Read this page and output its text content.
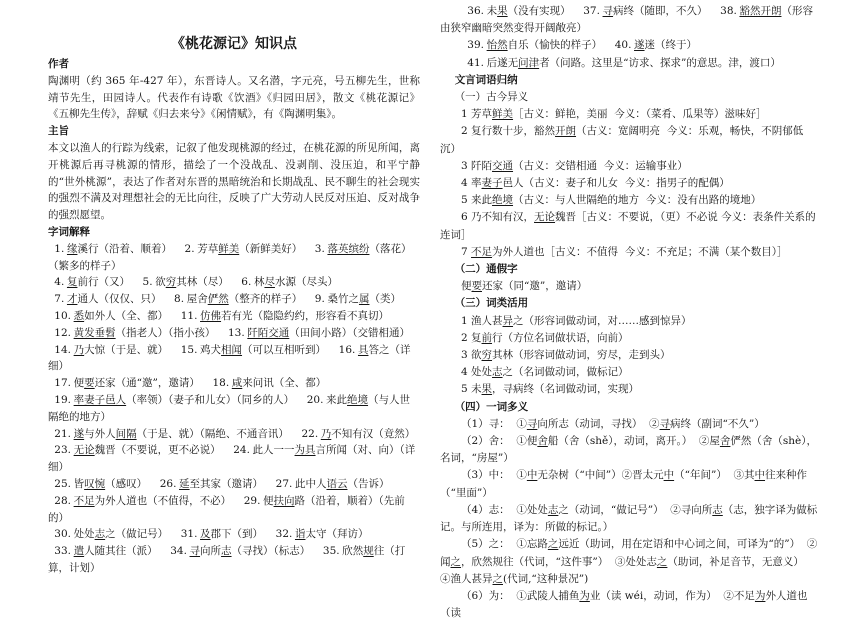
《桃花源记》知识点
作者

陶渊明（约 365 年-427 年），东晋诗人。又名潜，字元亮，号五柳先生，世称靖节先生，田园诗人。代表作有诗歌《饮酒》《归园田居》，散文《桃花源记》《五柳先生传》，辞赋《归去来兮》《闲情赋》，有《陶渊明集》。

主旨

本文以渔人的行踪为线索，记叙了他发现桃源的经过，在桃花源的所见所闻，离开桃源后再寻桃源的情形，描绘了一个没战乱、没剥削、没压迫，和平宁静的“世外桃源”，表达了作者对东晋的黑暗统治和长期战乱、民不聊生的社会现实的强烈不满及对理想社会的无比向往，反映了广大劳动人民反对压迫、反对战争的强烈愿望。

字词解释
1. 缘溪行（沿着、顺着） 2. 芳草鲜美（新鲜美好） 3. 落英缤纷（落花）（繁多的样子）
4. 复前行（又） 5. 欲穷其林（尽） 6. 林尽水源（尽头）
7. 才通人（仅仅、只） 8. 屋舍俨然（整齐的样子） 9. 桑竹之属（类）
10. 悉如外人（全、都） 11. 仿佛若有光（隐隐约约，形容看不真切）
12. 黄发垂髫（指老人）（指小孩） 13. 阡陌交通（田间小路）（交错相通）
14. 乃大惊（于是、就） 15. 鸡犬相闻（可以互相听到） 16. 具答之（详细）
17. 便要还家（通“邀”，邀请） 18. 咸来问讯（全、都）
19. 率妻子邑人（率领）（妻子和儿女）（同乡的人） 20. 来此绝境（与人世隔绝的地方）
21. 遂与外人间隔（于是、就）（隔绝、不通音讯） 22. 乃不知有汉（竟然）
23. 无论魏晋（不要说，更不必说） 24. 此人一一为具言所闻（对、向）（详细）
25. 皆叹惋（感叹） 26. 延至其家（邀请） 27. 此中人语云（告诉）
28. 不足为外人道也（不值得，不必） 29. 便扶向路（沿着，顺着）（先前的）
30. 处处志之（做记号） 31. 及郡下（到） 32. 诣太守（拜访）
33. 遣人随其往（派） 34. 寻向所志（寻找）（标志） 35. 欣然规往（打算，计划）
36. 未果（没有实现） 37. 寻病终（随即，不久） 38. 豁然开朗（形容由狭窄幽暗突然变得开阔敞亮）
39. 怡然自乐（愉快的样子） 40. 遂迷（终于）
41. 后遂无问津者（问路。这里是“访求、探求”的意思。津，渡口）
文言词语归纳
（一）古今异义
1 芳草鲜美［古义：鲜艳，美丽  今义：（菜肴、瓜果等）滋味好］
2 复行数十步，豁然开朗（古义：宽阔明亮  今义：乐观，畅快，不阴郁低沉）
3 阡陌交通（古义：交错相通  今义：运输事业）
4 率妻子邑人（古义：妻子和儿女  今义：指男子的配偶）
5 来此绝境（古义：与人世隔绝的地方  今义：没有出路的境地）
6 乃不知有汉，无论魏晋［古义：不要说，（更）不必说 今义：表条件关系的连词］
7 不足为外人道也［古义：不值得  今义：不充足；不满（某个数目）］
（二）通假字
便要还家（同“邀”，邀请）
（三）词类活用
1 渔人甚异之（形容词做动词，对……感到惊异）
2 复前行（方位名词做状语，向前）
3 欲穷其林（形容词做动词，穷尽，走到头）
4 处处志之（名词做动词，做标记）
5 未果，寻病终（名词做动词，实现）
（四）一词多义
（1）寻：  ①寻向所志（动词，寻找）  ②寻病终（副词“不久”）
（2）舍：  ①便舍船（舍（shě），动词，离开。）  ②屋舍俨然（舍（shè），名词，“房屋”）
（3）中：  ①中无杂树（“中间”）②晋太元中（“年间”）  ③其中往来种作（“里面”）
（4）志：  ①处处志之（动词，“做记号”）  ②寻向所志（志，独字译为做标记。与所连用，译为：所做的标记。）
（5）之：  ①忘路之远近（助词，用在定语和中心词之间，可译为“的”）  ②闻之，欣然规往（代词，“这件事”）  ③处处志之（助词，补足音节，无意义）  ④渔人甚异之(代词,“这种景况”)
（6）为：  ①武陵人捕鱼为业（读 wéi，动词，作为）  ②不足为外人道也（读
